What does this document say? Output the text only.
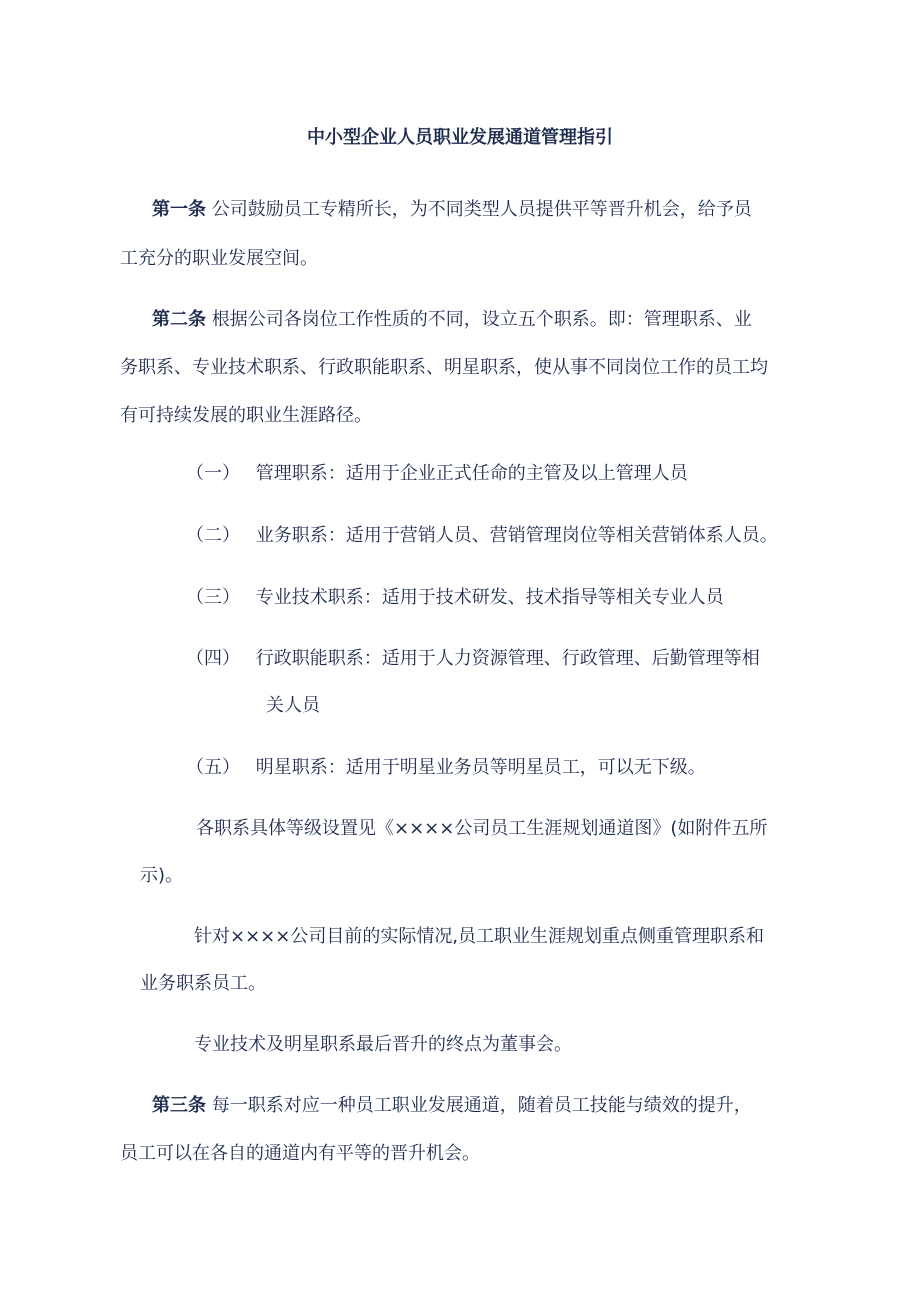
中小型企业人员职业发展通道管理指引
第一条 公司鼓励员工专精所长，为不同类型人员提供平等晋升机会，给予员
工充分的职业发展空间。
第二条 根据公司各岗位工作性质的不同，设立五个职系。即：管理职系、业
务职系、专业技术职系、行政职能职系、明星职系，使从事不同岗位工作的员工均
有可持续发展的职业生涯路径。
（一） 管理职系：适用于企业正式任命的主管及以上管理人员
（二） 业务职系：适用于营销人员、营销管理岗位等相关营销体系人员。
（三） 专业技术职系：适用于技术研发、技术指导等相关专业人员
（四） 行政职能职系：适用于人力资源管理、行政管理、后勤管理等相
关人员
（五） 明星职系：适用于明星业务员等明星员工，可以无下级。
各职系具体等级设置见《××××公司员工生涯规划通道图》(如附件五所
示)。
针对××××公司目前的实际情况,员工职业生涯规划重点侧重管理职系和
业务职系员工。
专业技术及明星职系最后晋升的终点为董事会。
第三条 每一职系对应一种员工职业发展通道，随着员工技能与绩效的提升，
员工可以在各自的通道内有平等的晋升机会。
